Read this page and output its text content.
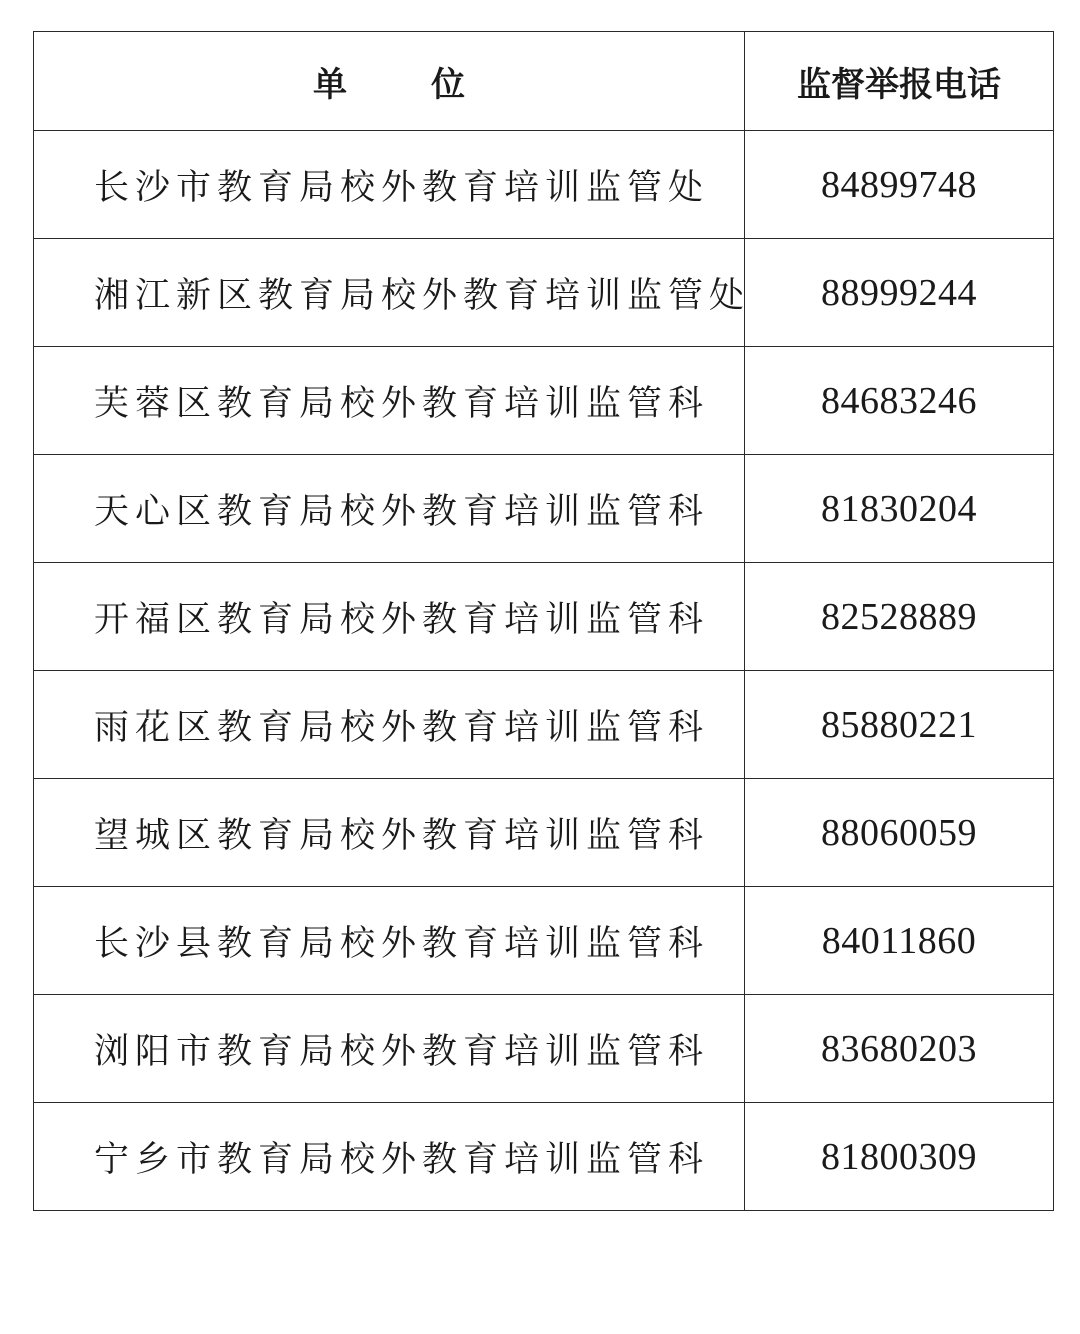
单 位	监督举报电话
长沙市教育局校外教育培训监管处	84899748
湘江新区教育局校外教育培训监管处	88999244
芙蓉区教育局校外教育培训监管科	84683246
天心区教育局校外教育培训监管科	81830204
开福区教育局校外教育培训监管科	82528889
雨花区教育局校外教育培训监管科	85880221
望城区教育局校外教育培训监管科	88060059
长沙县教育局校外教育培训监管科	84011860
浏阳市教育局校外教育培训监管科	83680203
宁乡市教育局校外教育培训监管科	81800309
